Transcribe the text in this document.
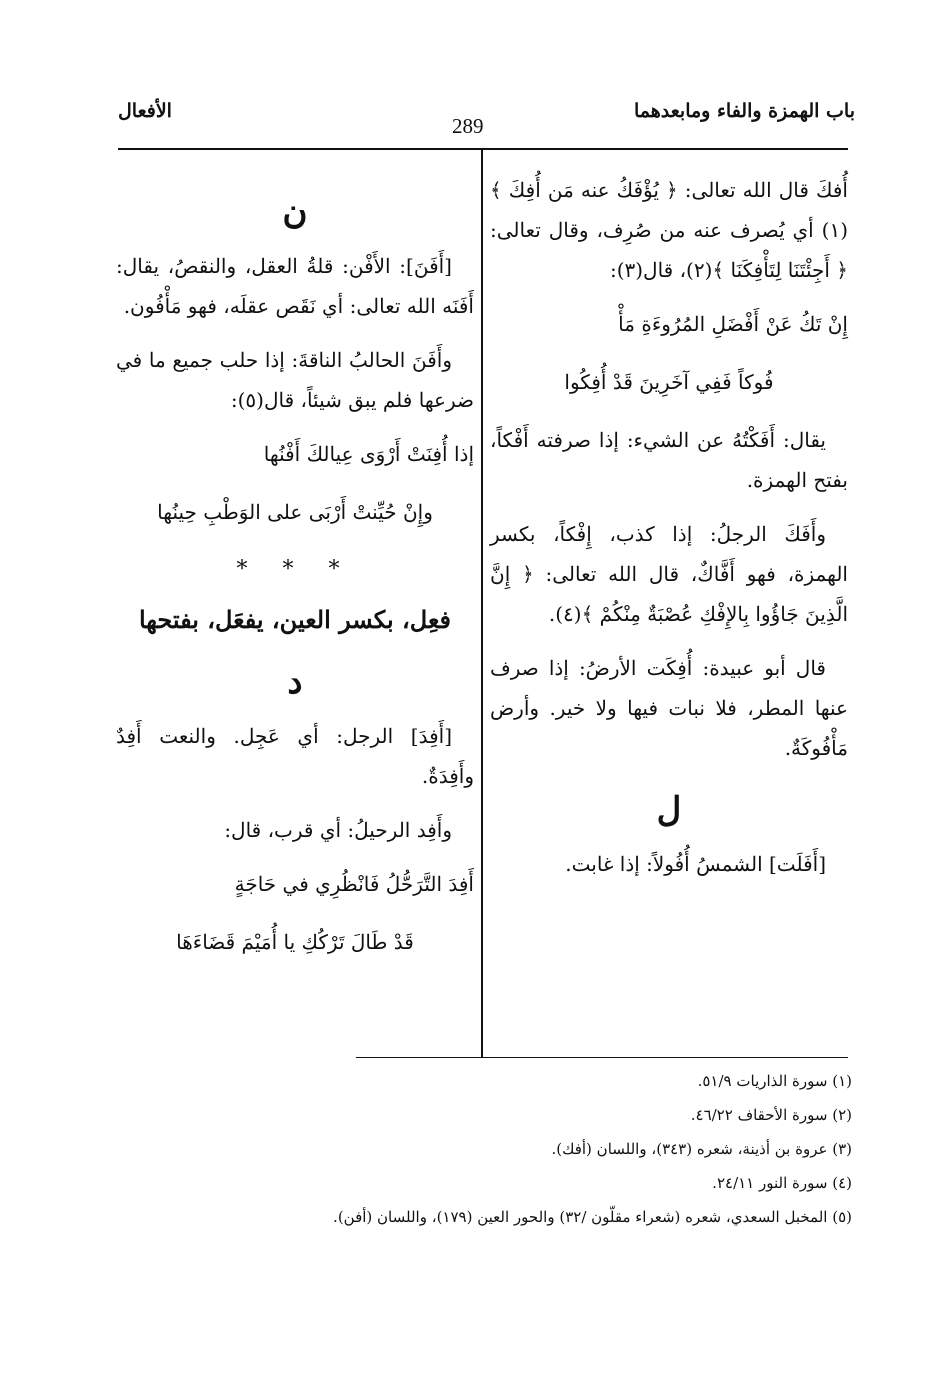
باب الهمزة والفاء ومابعدهما
289
الأفعال

أُفكَ قال الله تعالى: ﴿ يُؤْفَكُ عنه مَن أُفِكَ ﴾(١) أي يُصرف عنه من صُرِف، وقال تعالى: ﴿ أَجِئْتَنَا لِتَأْفِكَنَا ﴾(٢)، قال(٣):

إِنْ تَكُ عَنْ أَفْضَلِ المُرُوءَةِ مَأْ
فُوكاً فَفِي آخَرِينَ قَدْ أُفِكُوا

يقال: أَفَكْتُهُ عن الشيء: إذا صرفته أَفْكاً، بفتح الهمزة.

وأَفَكَ الرجلُ: إذا كذب، إِفْكاً، بكسر الهمزة، فهو أَفَّاكٌ، قال الله تعالى: ﴿ إِنَّ الَّذِينَ جَاؤُوا بِالإِفْكِ عُصْبَةٌ مِنْكُمْ ﴾(٤).

قال أبو عبيدة: أُفِكَت الأرضُ: إذا صرف عنها المطر، فلا نبات فيها ولا خير. وأرض مَأْفُوكَةٌ.

ل

[أَفَلَت] الشمسُ أُفُولاً: إذا غابت.

ن

[أَفَنَ]: الأَفْن: قلةُ العقل، والنقصُ، يقال: أَفَنَه الله تعالى: أي نَقَص عقلَه، فهو مَأْفُون.

وأَفَنَ الحالبُ الناقةَ: إذا حلب جميع ما في ضرعها فلم يبق شيئاً، قال(٥):

إذا أُفِنَتْ أَرْوَى عِيالكَ أَفْنُها
وإِنْ حُيِّنتْ أَرْبَى على الوَطْبِ حِينُها
* * *
فعِل، بكسر العين، يفعَل، بفتحها
د

[أَفِدَ] الرجل: أي عَجِل. والنعت أَفِدٌ وأَفِدَةٌ.

وأَفِد الرحيلُ: أي قرب، قال:

أَفِدَ التَّرَحُّلُ فَانْظُرِي في حَاجَةٍ
قَدْ طَالَ تَرْكُكِ يا أُمَيْمَ قَضَاءَهَا
(١) سورة الذاريات ٥١/٩.
(٢) سورة الأحقاف ٤٦/٢٢.
(٣) عروة بن أذينة، شعره (٣٤٣)، واللسان (أفك).
(٤) سورة النور ٢٤/١١.
(٥) المخبل السعدي، شعره (شعراء مقلّون /٣٢) والحور العين (١٧٩)، واللسان (أفن).
